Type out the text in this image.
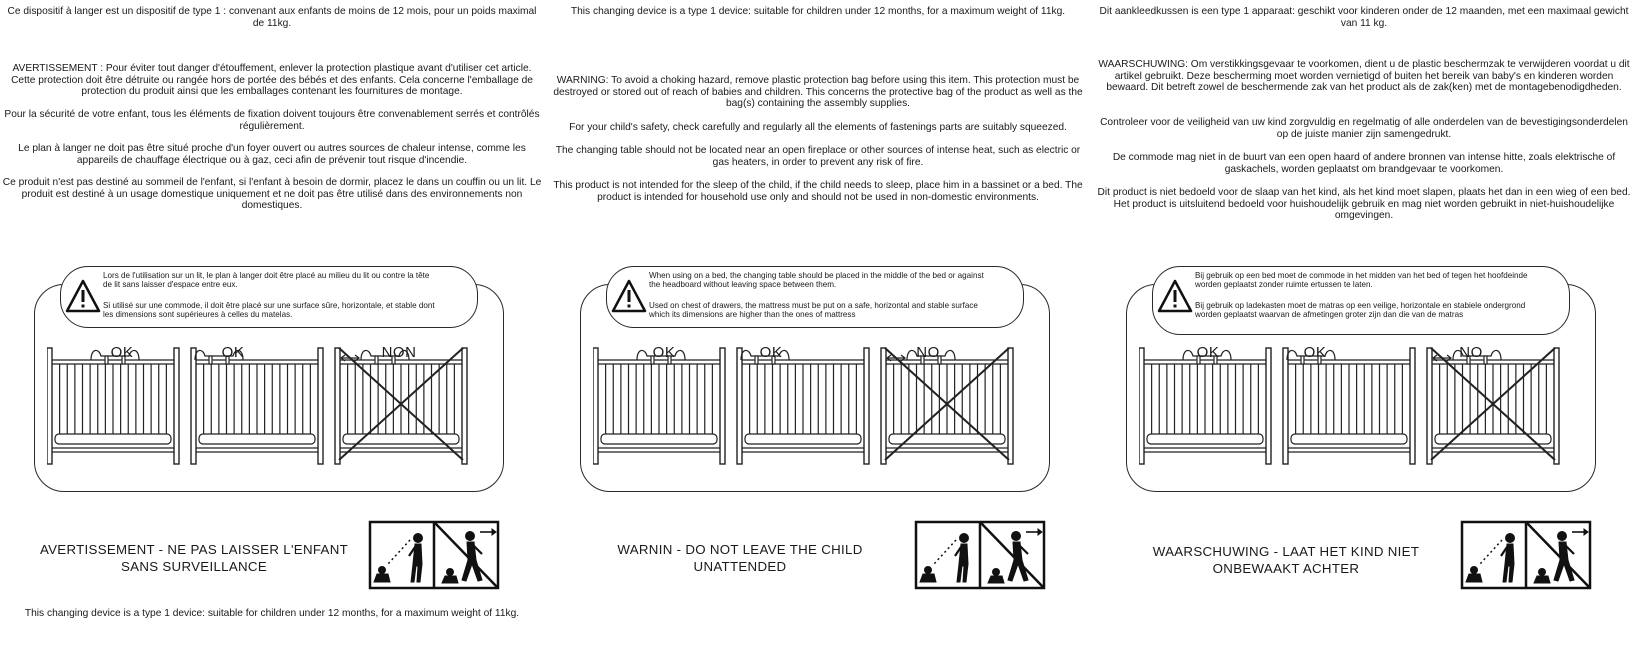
Ce dispositif à langer est un dispositif de type 1 : convenant aux enfants de moins de 12 mois, pour un poids maximal de 11kg.

AVERTISSEMENT : Pour éviter tout danger d'étouffement, enlever la protection plastique avant d'utiliser cet article. Cette protection doit être détruite ou rangée hors de portée des bébés et des enfants. Cela concerne l'emballage de protection du produit ainsi que les emballages contenant les fournitures de montage.

Pour la sécurité de votre enfant, tous les éléments de fixation doivent toujours être convenablement serrés et contrôlés régulièrement.

Le plan à langer ne doit pas être situé proche d'un foyer ouvert ou autres sources de chaleur intense, comme les appareils de chauffage électrique ou à gaz, ceci afin de prévenir tout risque d'incendie.

Ce produit n'est pas destiné au sommeil de l'enfant, si l'enfant à besoin de dormir, placez le dans un couffin ou un lit. Le produit est destiné à un usage domestique uniquement et ne doit pas être utilisé dans des environnements non domestiques.

Lors de l'utilisation sur un lit, le plan à langer doit être placé au milieu du lit ou contre la tête de lit sans laisser d'espace entre eux.

Si utilisé sur une commode, il doit être placé sur une surface sûre, horizontale, et stable dont les dimensions sont supérieures à celles du matelas.

OK	OK	NON
AVERTISSEMENT - NE PAS LAISSER L'ENFANT SANS SURVEILLANCE
This changing device is a type 1 device: suitable for children under 12 months, for a maximum weight of 11kg.

This changing device is a type 1 device: suitable for children under 12 months, for a maximum weight of 11kg.

WARNING: To avoid a choking hazard, remove plastic protection bag before using this item. This protection must be destroyed or stored out of reach of babies and children. This concerns the protective bag of the product as well as the bag(s) containing the assembly supplies.

For your child's safety, check carefully and regularly all the elements of fastenings parts are suitably squeezed.

The changing table should not be located near an open fireplace or other sources of intense heat, such as electric or gas heaters, in order to prevent any risk of fire.

This product is not intended for the sleep of the child, if the child needs to sleep, place him in a bassinet or a bed. The product is intended for household use only and should not be used in non-domestic environments.

When using on a bed, the changing table should be placed in the middle of the bed or against the headboard without leaving space between them.

Used on chest of drawers, the mattress must be put on a safe, horizontal and stable surface which its dimensions are higher than the ones of mattress

OK	OK	NO
WARNIN - DO NOT LEAVE THE CHILD UNATTENDED

Dit aankleedkussen is een type 1 apparaat: geschikt voor kinderen onder de 12 maanden, met een maximaal gewicht van 11 kg.

WAARSCHUWING: Om verstikkingsgevaar te voorkomen, dient u de plastic beschermzak te verwijderen voordat u dit artikel gebruikt. Deze bescherming moet worden vernietigd of buiten het bereik van baby's en kinderen worden bewaard. Dit betreft zowel de beschermende zak van het product als de zak(ken) met de montagebenodigdheden.

Controleer voor de veiligheid van uw kind zorgvuldig en regelmatig of alle onderdelen van de bevestigingsonderdelen op de juiste manier zijn samengedrukt.

De commode mag niet in de buurt van een open haard of andere bronnen van intense hitte, zoals elektrische of gaskachels, worden geplaatst om brandgevaar te voorkomen.

Dit product is niet bedoeld voor de slaap van het kind, als het kind moet slapen, plaats het dan in een wieg of een bed. Het product is uitsluitend bedoeld voor huishoudelijk gebruik en mag niet worden gebruikt in niet-huishoudelijke omgevingen.

Bij gebruik op een bed moet de commode in het midden van het bed of tegen het hoofdeinde worden geplaatst zonder ruimte ertussen te laten.

Bij gebruik op ladekasten moet de matras op een veilige, horizontale en stabiele ondergrond worden geplaatst waarvan de afmetingen groter zijn dan die van de matras

OK	OK	NO
WAARSCHUWING - LAAT HET KIND NIET ONBEWAAKT ACHTER
